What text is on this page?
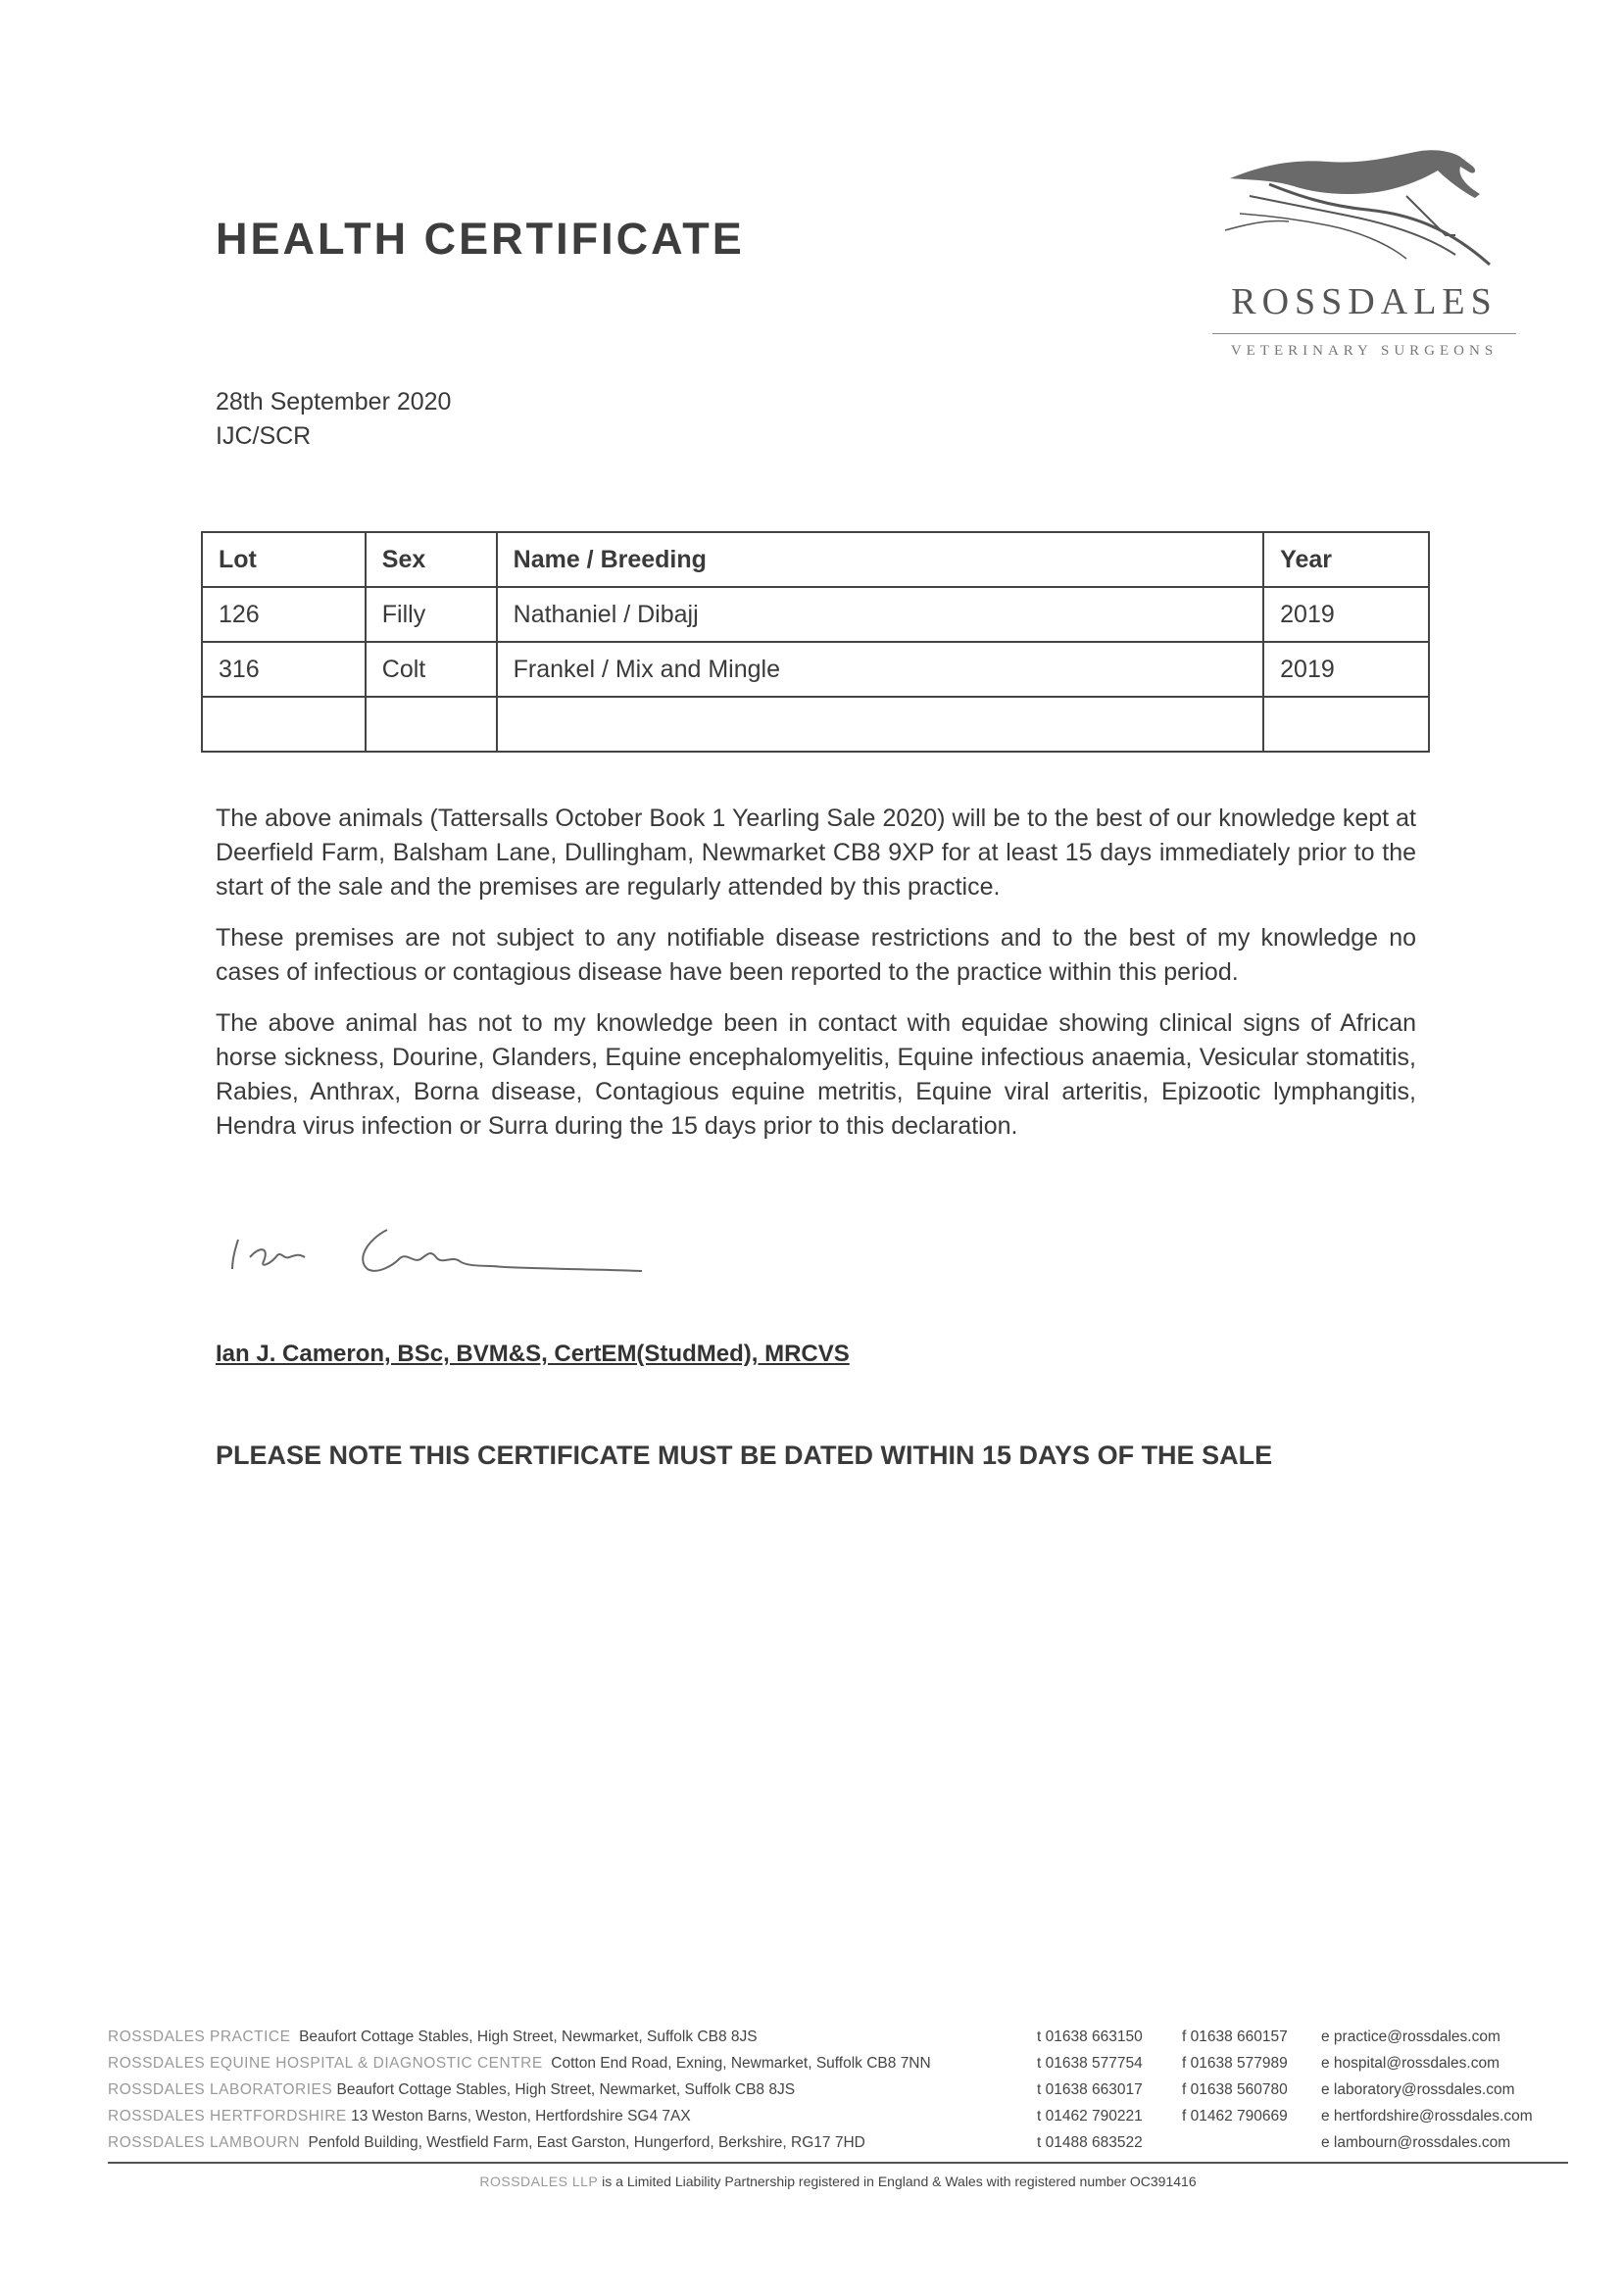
HEALTH CERTIFICATE
ROSSDALES
VETERINARY SURGEONS
28th September 2020
IJC/SCR
Lot	Sex	Name / Breeding	Year
126	Filly	Nathaniel / Dibajj	2019
316	Colt	Frankel / Mix and Mingle	2019

The above animals (Tattersalls October Book 1 Yearling Sale 2020) will be to the best of our knowledge kept at Deerfield Farm, Balsham Lane, Dullingham, Newmarket CB8 9XP for at least 15 days immediately prior to the start of the sale and the premises are regularly attended by this practice.

These premises are not subject to any notifiable disease restrictions and to the best of my knowledge no cases of infectious or contagious disease have been reported to the practice within this period.

The above animal has not to my knowledge been in contact with equidae showing clinical signs of African horse sickness, Dourine, Glanders, Equine encephalomyelitis, Equine infectious anaemia, Vesicular stomatitis, Rabies, Anthrax, Borna disease, Contagious equine metritis, Equine viral arteritis, Epizootic lymphangitis, Hendra virus infection or Surra during the 15 days prior to this declaration.

Ian J. Cameron, BSc, BVM&S, CertEM(StudMed), MRCVS
PLEASE NOTE THIS CERTIFICATE MUST BE DATED WITHIN 15 DAYS OF THE SALE
ROSSDALES PRACTICE Beaufort Cottage Stables, High Street, Newmarket, Suffolk CB8 8JS	t 01638 663150	f 01638 660157 e practice@rossdales.com
ROSSDALES EQUINE HOSPITAL & DIAGNOSTIC CENTRE Cotton End Road, Exning, Newmarket, Suffolk CB8 7NN	t 01638 577754	f 01638 577989 e hospital@rossdales.com
ROSSDALES LABORATORIES Beaufort Cottage Stables, High Street, Newmarket, Suffolk CB8 8JS	t 01638 663017	f 01638 560780 e laboratory@rossdales.com
ROSSDALES HERTFORDSHIRE 13 Weston Barns, Weston, Hertfordshire SG4 7AX	t 01462 790221	f 01462 790669 e hertfordshire@rossdales.com
ROSSDALES LAMBOURN Penfold Building, Westfield Farm, East Garston, Hungerford, Berkshire, RG17 7HD	t 01488 683522	e lambourn@rossdales.com
ROSSDALES LLP is a Limited Liability Partnership registered in England & Wales with registered number OC391416
